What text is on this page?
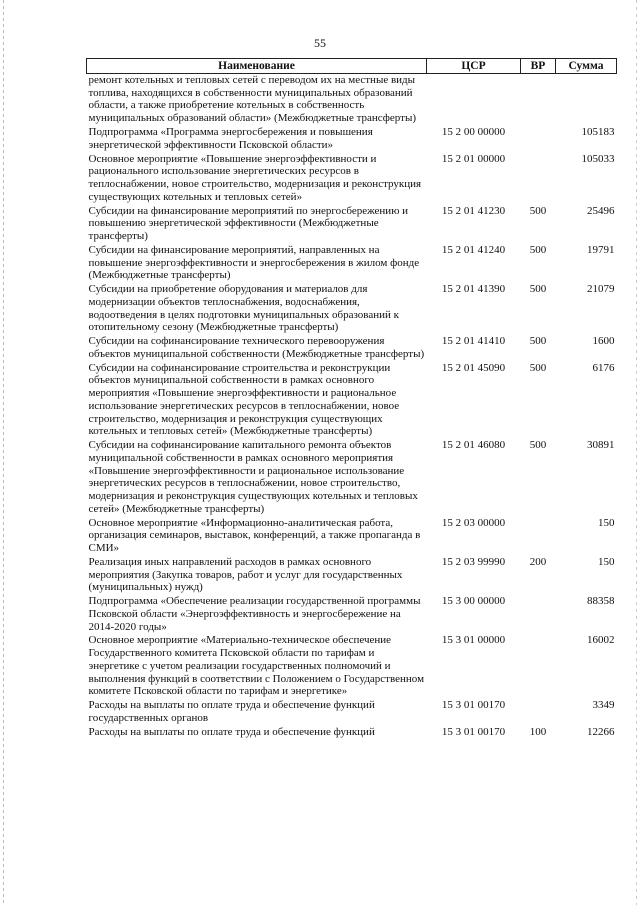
55
Наименование	ЦСР	ВР	Сумма
ремонт котельных и тепловых сетей с переводом их на местные виды топлива, находящихся в собственности муниципальных образований области, а также приобретение котельных в собственность муниципальных образований области» (Межбюджетные трансферты)			
Подпрограмма «Программа энергосбережения и повышения энергетической эффективности Псковской области»	15 2 00 00000		105183
Основное мероприятие «Повышение энергоэффективности и рационального использование энергетических ресурсов в теплоснабжении, новое строительство, модернизация и реконструкция существующих котельных и тепловых сетей»	15 2 01 00000		105033
Субсидии на финансирование мероприятий по энергосбережению и повышению энергетической эффективности (Межбюджетные трансферты)	15 2 01 41230	500	25496
Субсидии на финансирование мероприятий, направленных на повышение энергоэффективности и энергосбережения в жилом фонде (Межбюджетные трансферты)	15 2 01 41240	500	19791
Субсидии на приобретение оборудования и материалов для модернизации объектов теплоснабжения, водоснабжения, водоотведения в целях подготовки муниципальных образований к отопительному сезону (Межбюджетные трансферты)	15 2 01 41390	500	21079
Субсидии на софинансирование технического перевооружения объектов муниципальной собственности (Межбюджетные трансферты)	15 2 01 41410	500	1600
Субсидии на софинансирование строительства и реконструкции объектов муниципальной собственности в рамках основного мероприятия «Повышение энергоэффективности и рациональное использование энергетических ресурсов в теплоснабжении, новое строительство, модернизация и реконструкция существующих котельных и тепловых сетей» (Межбюджетные трансферты)	15 2 01 45090	500	6176
Субсидии на софинансирование капитального ремонта объектов муниципальной собственности в рамках основного мероприятия «Повышение энергоэффективности и рациональное использование энергетических ресурсов в теплоснабжении, новое строительство, модернизация и реконструкция существующих котельных и тепловых сетей» (Межбюджетные трансферты)	15 2 01 46080	500	30891
Основное мероприятие «Информационно-аналитическая работа, организация семинаров, выставок, конференций, а также пропаганда в СМИ»	15 2 03 00000		150
Реализация иных направлений расходов в рамках основного мероприятия (Закупка товаров, работ и услуг для государственных (муниципальных) нужд)	15 2 03 99990	200	150
Подпрограмма «Обеспечение реализации государственной программы Псковской области «Энергоэффективность и энергосбережение на 2014-2020 годы»	15 3 00 00000		88358
Основное мероприятие «Материально-техническое обеспечение Государственного комитета Псковской области по тарифам и энергетике с учетом реализации государственных полномочий и выполнения функций в соответствии с Положением о Государственном комитете Псковской области по тарифам и энергетике»	15 3 01 00000		16002
Расходы на выплаты по оплате труда и обеспечение функций государственных органов	15 3 01 00170		3349
Расходы на выплаты по оплате труда и обеспечение функций	15 3 01 00170	100	12266
